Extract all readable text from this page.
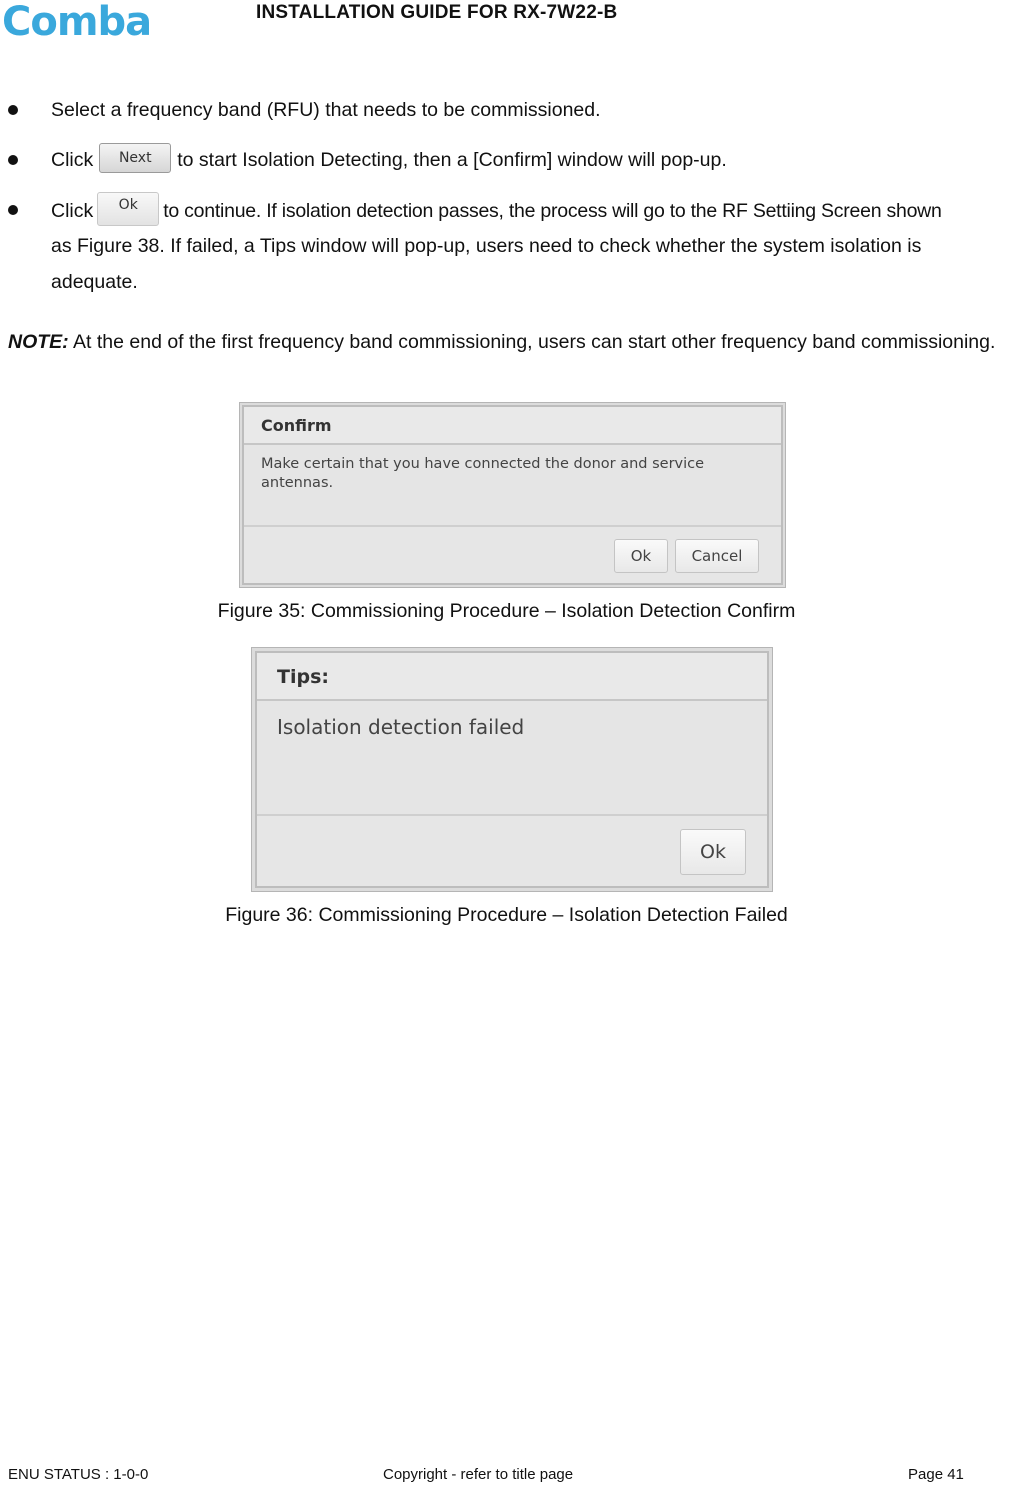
Comba	INSTALLATION GUIDE FOR RX-7W22-B
Select a frequency band (RFU) that needs to be commissioned.
Click Next to start Isolation Detecting, then a [Confirm] window will pop-up.
Click Ok to continue. If isolation detection passes, the process will go to the RF Settiing Screen shown
as Figure 38. If failed, a Tips window will pop-up, users need to check whether the system isolation is
adequate.
NOTE: At the end of the first frequency band commissioning, users can start other frequency band commissioning.
Confirm
Make certain that you have connected the donor and service
antennas.
Ok	Cancel
Figure 35: Commissioning Procedure – Isolation Detection Confirm
Tips:
Isolation detection failed
Ok
Figure 36: Commissioning Procedure – Isolation Detection Failed
ENU STATUS : 1-0-0	Copyright - refer to title page	Page 41
